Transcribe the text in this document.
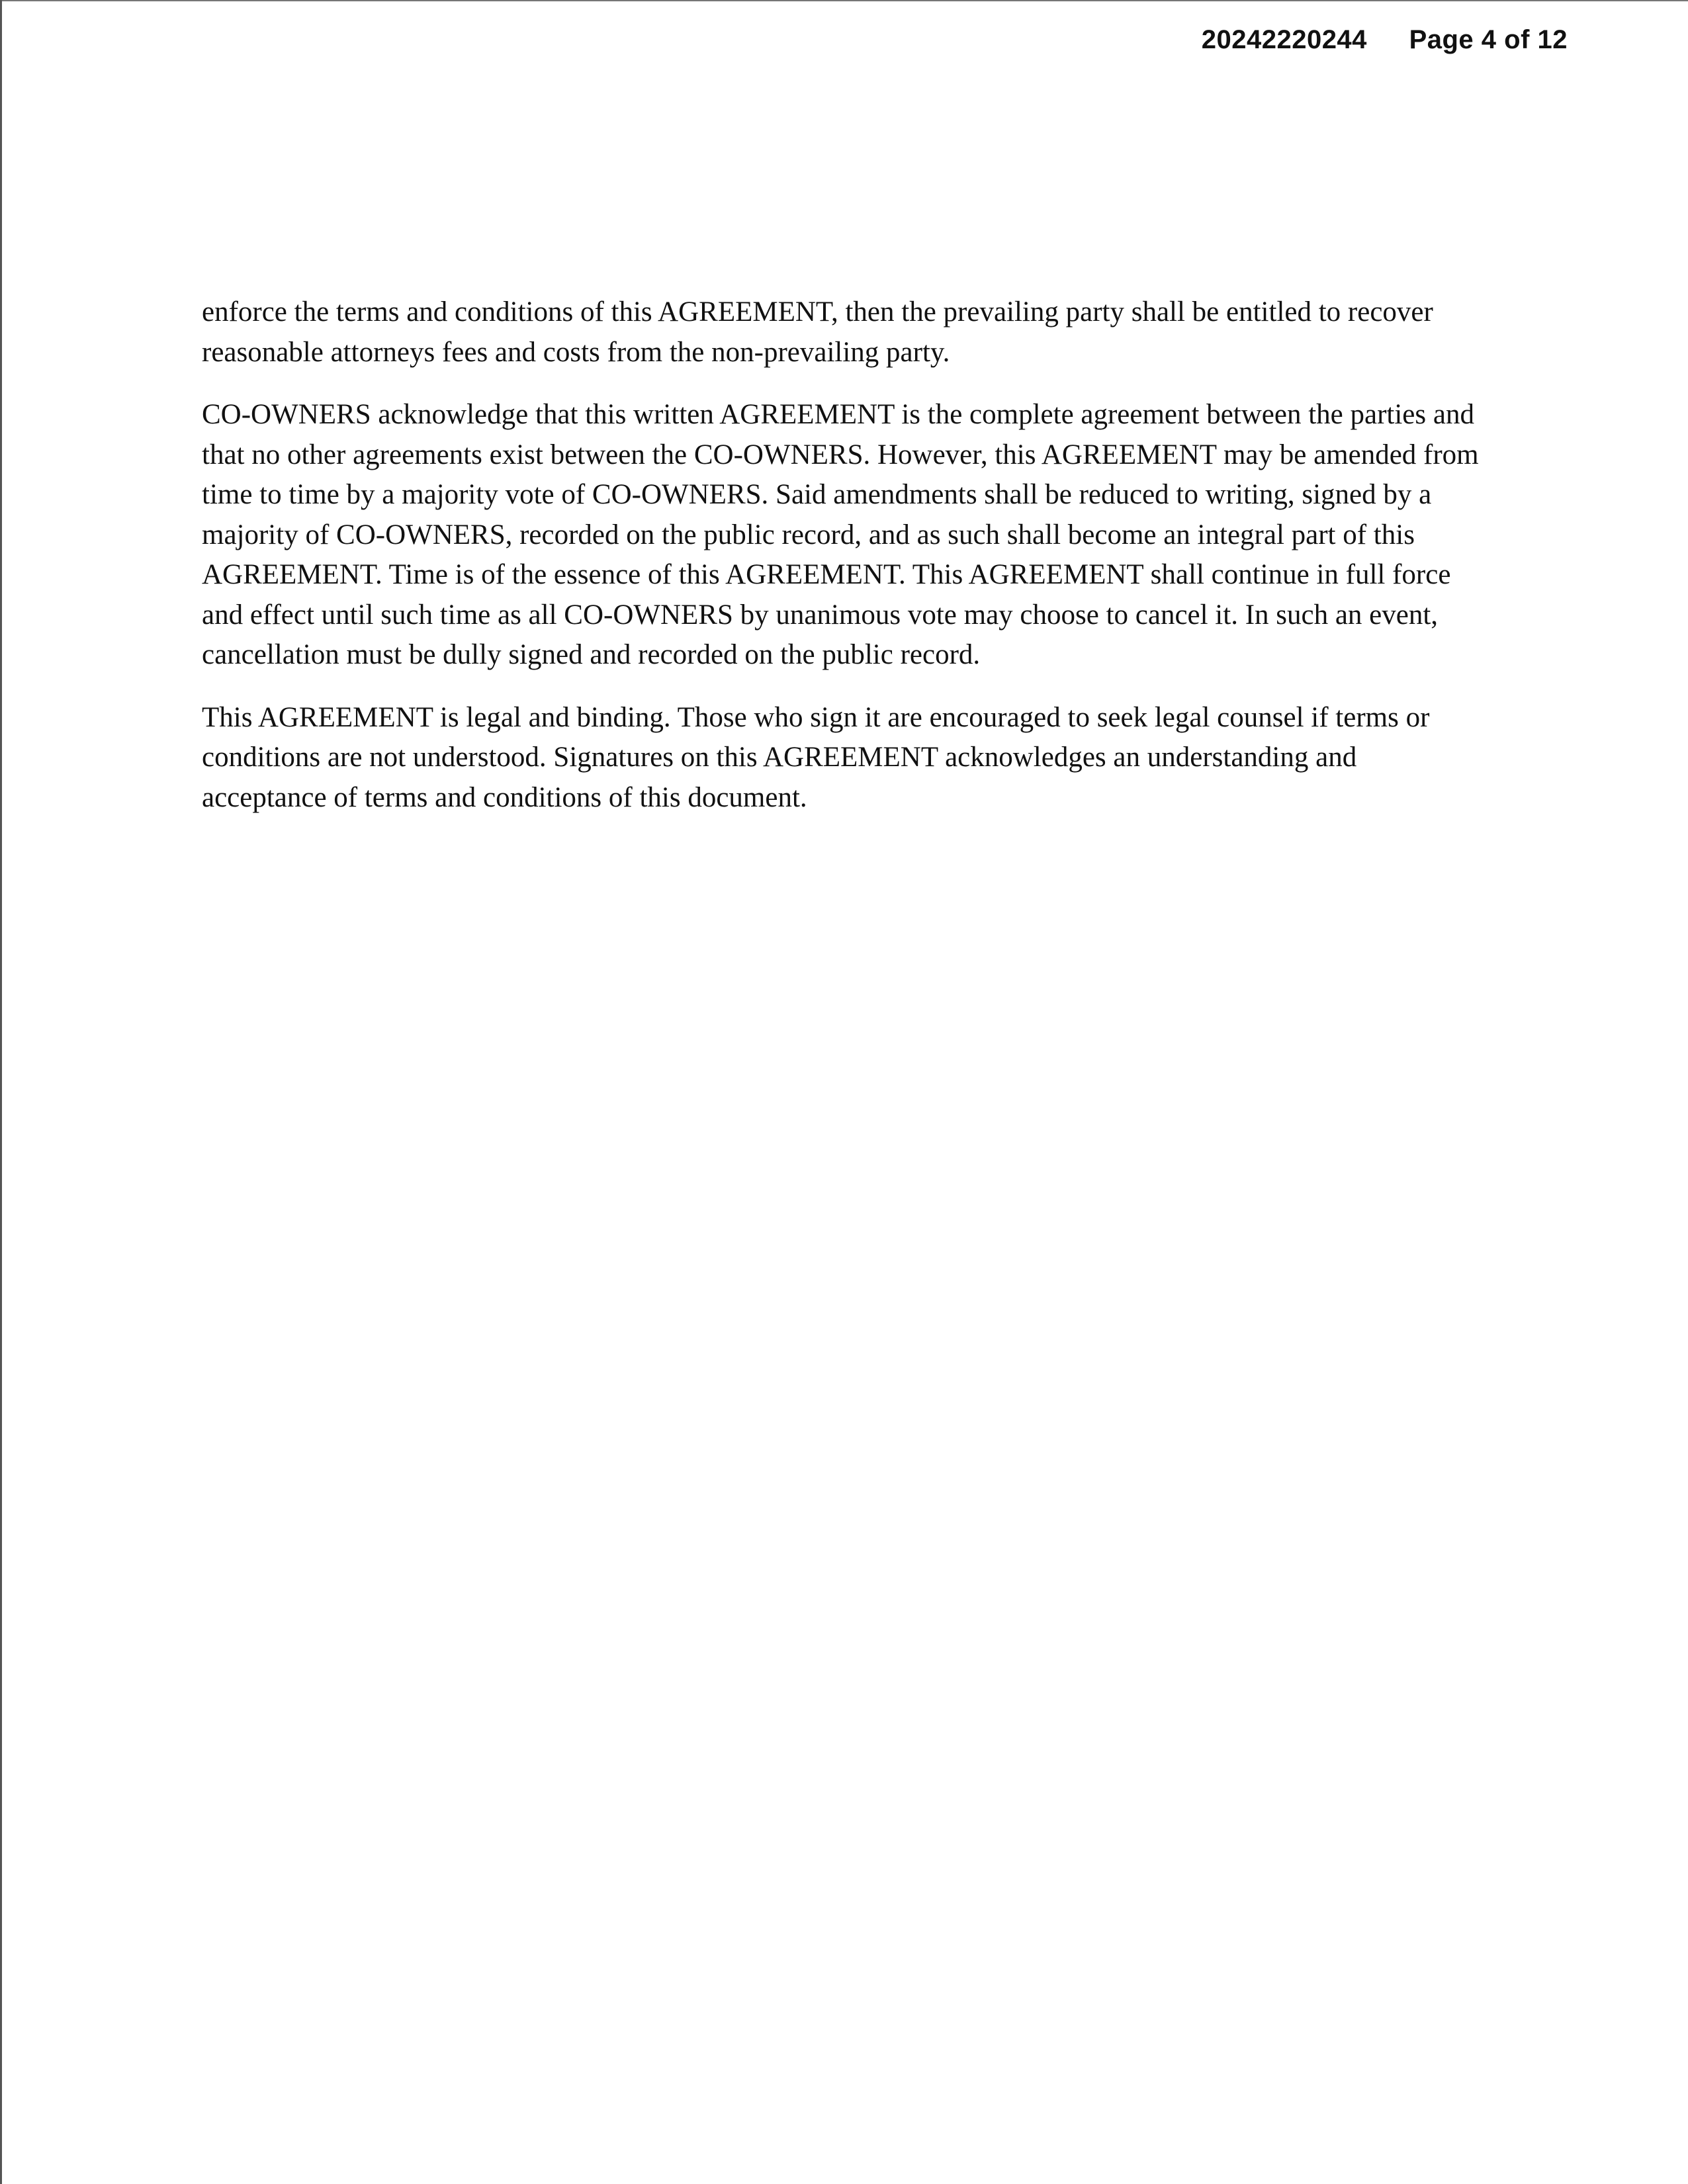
20242220244 Page 4 of 12

enforce the terms and conditions of this AGREEMENT, then the prevailing party shall be entitled to recover reasonable attorneys fees and costs from the non-prevailing party.

CO-OWNERS acknowledge that this written AGREEMENT is the complete agreement between the parties and that no other agreements exist between the CO-OWNERS. However, this AGREEMENT may be amended from time to time by a majority vote of CO-OWNERS. Said amendments shall be reduced to writing, signed by a majority of CO-OWNERS, recorded on the public record, and as such shall become an integral part of this AGREEMENT. Time is of the essence of this AGREEMENT. This AGREEMENT shall continue in full force and effect until such time as all CO-OWNERS by unanimous vote may choose to cancel it. In such an event, cancellation must be dully signed and recorded on the public record.

This AGREEMENT is legal and binding. Those who sign it are encouraged to seek legal counsel if terms or conditions are not understood. Signatures on this AGREEMENT acknowledges an understanding and acceptance of terms and conditions of this document.
